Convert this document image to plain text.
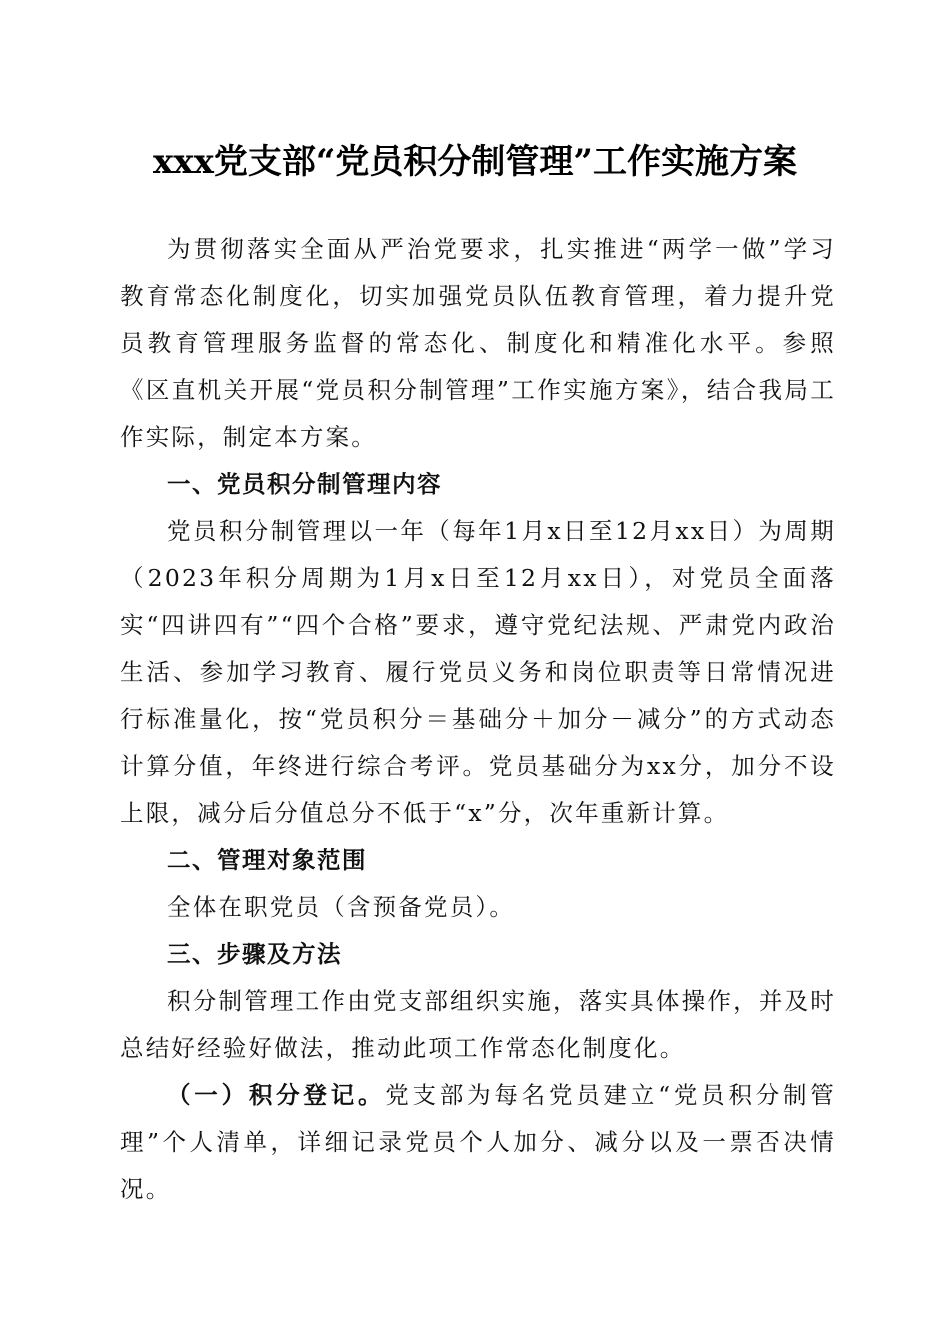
xxx党支部“党员积分制管理”工作实施方案

为贯彻落实全面从严治党要求，扎实推进“两学一做”学习教育常态化制度化，切实加强党员队伍教育管理，着力提升党员教育管理服务监督的常态化、制度化和精准化水平。参照《区直机关开展“党员积分制管理”工作实施方案》，结合我局工作实际，制定本方案。

一、党员积分制管理内容

党员积分制管理以一年（每年1月x日至12月xx日）为周期（2023年积分周期为1月x日至12月xx日），对党员全面落实“四讲四有”“四个合格”要求，遵守党纪法规、严肃党内政治生活、参加学习教育、履行党员义务和岗位职责等日常情况进行标准量化，按“党员积分＝基础分＋加分－减分”的方式动态计算分值，年终进行综合考评。党员基础分为xx分，加分不设上限，减分后分值总分不低于“x”分，次年重新计算。

二、管理对象范围

全体在职党员（含预备党员）。

三、步骤及方法

积分制管理工作由党支部组织实施，落实具体操作，并及时总结好经验好做法，推动此项工作常态化制度化。

（一）积分登记。党支部为每名党员建立“党员积分制管理”个人清单，详细记录党员个人加分、减分以及一票否决情况。
